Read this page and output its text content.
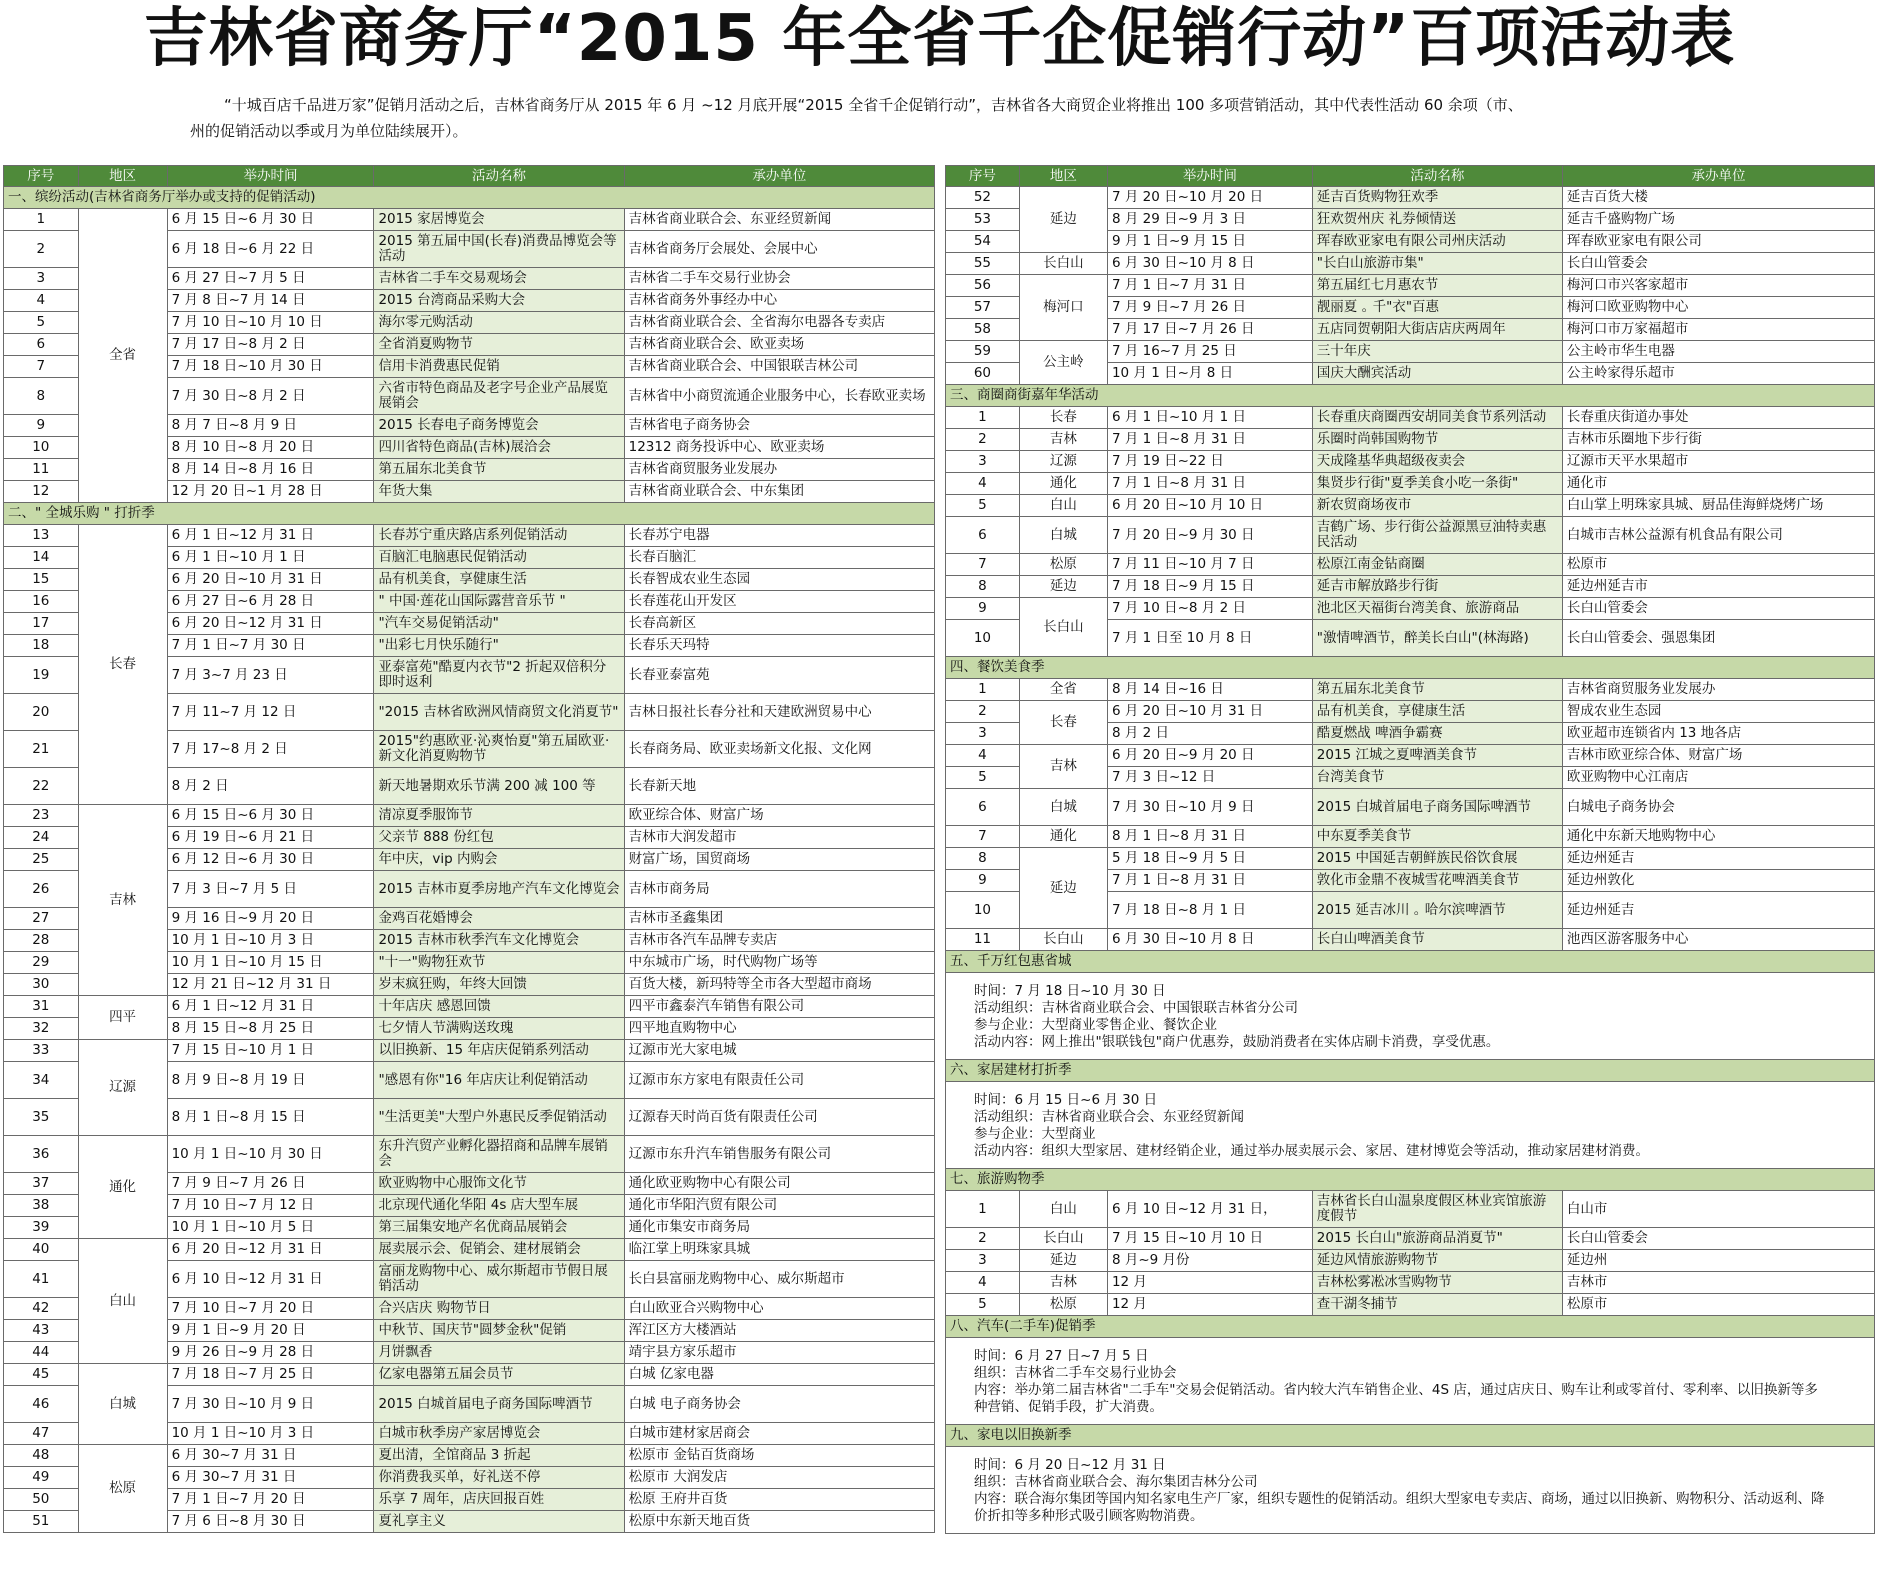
吉林省商务厅“2015 年全省千企促销行动”百项活动表
“十城百店千品进万家”促销月活动之后，吉林省商务厅从 2015 年 6 月 ~12 月底开展“2015 全省千企促销行动”，吉林省各大商贸企业将推出 100 多项营销活动，其中代表性活动 60 余项（市、
州的促销活动以季或月为单位陆续展开）。
序号	地区	举办时间	活动名称	承办单位
一、缤纷活动(吉林省商务厅举办或支持的促销活动)				
1	全省	6 月 15 日~6 月 30 日	2015 家居博览会	吉林省商业联合会、东亚经贸新闻
2		6 月 18 日~6 月 22 日	2015 第五届中国(长春)消费品博览会等活动	吉林省商务厅会展处、会展中心
3		6 月 27 日~7 月 5 日	吉林省二手车交易观场会	吉林省二手车交易行业协会
4		7 月 8 日~7 月 14 日	2015 台湾商品采购大会	吉林省商务外事经办中心
5		7 月 10 日~10 月 10 日	海尔零元购活动	吉林省商业联合会、全省海尔电器各专卖店
6		7 月 17 日~8 月 2 日	全省消夏购物节	吉林省商业联合会、欧亚卖场
7		7 月 18 日~10 月 30 日	信用卡消费惠民促销	吉林省商业联合会、中国银联吉林公司
8		7 月 30 日~8 月 2 日	六省市特色商品及老字号企业产品展览展销会	吉林省中小商贸流通企业服务中心，长春欧亚卖场
9		8 月 7 日~8 月 9 日	2015 长春电子商务博览会	吉林省电子商务协会
10		8 月 10 日~8 月 20 日	四川省特色商品(吉林)展洽会	12312 商务投诉中心、欧亚卖场
11		8 月 14 日~8 月 16 日	第五届东北美食节	吉林省商贸服务业发展办
12		12 月 20 日~1 月 28 日	年货大集	吉林省商业联合会、中东集团
二、" 全城乐购 " 打折季				
13	长春	6 月 1 日~12 月 31 日	长春苏宁重庆路店系列促销活动	长春苏宁电器
14		6 月 1 日~10 月 1 日	百脑汇电脑惠民促销活动	长春百脑汇
15		6 月 20 日~10 月 31 日	品有机美食，享健康生活	长春智成农业生态园
16		6 月 27 日~6 月 28 日	" 中国·莲花山国际露营音乐节 "	长春莲花山开发区
17		6 月 20 日~12 月 31 日	"汽车交易促销活动"	长春高新区
18		7 月 1 日~7 月 30 日	"出彩七月快乐随行"	长春乐天玛特
19		7 月 3~7 月 23 日	亚泰富苑"酷夏内衣节"2 折起双倍积分即时返利	长春亚泰富苑
20		7 月 11~7 月 12 日	"2015 吉林省欧洲风情商贸文化消夏节"	吉林日报社长春分社和天建欧洲贸易中心
21		7 月 17~8 月 2 日	2015"约惠欧亚·沁爽怡夏"第五届欧亚·新文化消夏购物节	长春商务局、欧亚卖场新文化报、文化网
22		8 月 2 日	新天地暑期欢乐节满 200 减 100 等	长春新天地
23	吉林	6 月 15 日~6 月 30 日	清凉夏季服饰节	欧亚综合体、财富广场
24		6 月 19 日~6 月 21 日	父亲节 888 份红包	吉林市大润发超市
25		6 月 12 日~6 月 30 日	年中庆，vip 内购会	财富广场，国贸商场
26		7 月 3 日~7 月 5 日	2015 吉林市夏季房地产汽车文化博览会	吉林市商务局
27		9 月 16 日~9 月 20 日	金鸡百花婚博会	吉林市圣鑫集团
28		10 月 1 日~10 月 3 日	2015 吉林市秋季汽车文化博览会	吉林市各汽车品牌专卖店
29		10 月 1 日~10 月 15 日	"十一"购物狂欢节	中东城市广场，时代购物广场等
30		12 月 21 日~12 月 31 日	岁末疯狂购，年终大回馈	百货大楼，新玛特等全市各大型超市商场
31	四平	6 月 1 日~12 月 31 日	十年店庆 感恩回馈	四平市鑫泰汽车销售有限公司
32		8 月 15 日~8 月 25 日	七夕情人节满购送玫瑰	四平地直购物中心
33	辽源	7 月 15 日~10 月 1 日	以旧换新、15 年店庆促销系列活动	辽源市光大家电城
34		8 月 9 日~8 月 19 日	"感恩有你"16 年店庆让利促销活动	辽源市东方家电有限责任公司
35		8 月 1 日~8 月 15 日	"生活更美"大型户外惠民反季促销活动	辽源春天时尚百货有限责任公司
36	通化	10 月 1 日~10 月 30 日	东升汽贸产业孵化器招商和品牌车展销会	辽源市东升汽车销售服务有限公司
37		7 月 9 日~7 月 26 日	欧亚购物中心服饰文化节	通化欧亚购物中心有限公司
38		7 月 10 日~7 月 12 日	北京现代通化华阳 4s 店大型车展	通化市华阳汽贸有限公司
39		10 月 1 日~10 月 5 日	第三届集安地产名优商品展销会	通化市集安市商务局
40	白山	6 月 20 日~12 月 31 日	展卖展示会、促销会、建材展销会	临江掌上明珠家具城
41		6 月 10 日~12 月 31 日	富丽龙购物中心、威尔斯超市节假日展销活动	长白县富丽龙购物中心、威尔斯超市
42		7 月 10 日~7 月 20 日	合兴店庆 购物节日	白山欧亚合兴购物中心
43		9 月 1 日~9 月 20 日	中秋节、国庆节"圆梦金秋"促销	浑江区方大楼酒站
44		9 月 26 日~9 月 28 日	月饼飘香	靖宇县方家乐超市
45	白城	7 月 18 日~7 月 25 日	亿家电器第五届会员节	白城 亿家电器
46		7 月 30 日~10 月 9 日	2015 白城首届电子商务国际啤酒节	白城 电子商务协会
47		10 月 1 日~10 月 3 日	白城市秋季房产家居博览会	白城市建材家居商会
48	松原	6 月 30~7 月 31 日	夏出清，全馆商品 3 折起	松原市 金钻百货商场
49		6 月 30~7 月 31 日	你消费我买单，好礼送不停	松原市 大润发店
50		7 月 1 日~7 月 20 日	乐享 7 周年，店庆回报百姓	松原 王府井百货
51		7 月 6 日~8 月 30 日	夏礼享主义	松原中东新天地百货
序号	地区	举办时间	活动名称	承办单位
52	延边	7 月 20 日~10 月 20 日	延吉百货购物狂欢季	延吉百货大楼
53		8 月 29 日~9 月 3 日	狂欢贺州庆 礼券倾情送	延吉千盛购物广场
54		9 月 1 日~9 月 15 日	珲春欧亚家电有限公司州庆活动	珲春欧亚家电有限公司
55	长白山	6 月 30 日~10 月 8 日	"长白山旅游市集"	长白山管委会
56	梅河口	7 月 1 日~7 月 31 日	第五届红七月惠农节	梅河口市兴客家超市
57		7 月 9 日~7 月 26 日	靓丽夏 ｡ 千"衣"百惠	梅河口欧亚购物中心
58		7 月 17 日~7 月 26 日	五店同贺朝阳大街店店庆两周年	梅河口市万家福超市
59	公主岭	7 月 16~7 月 25 日	三十年庆	公主岭市华生电器
60		10 月 1 日~月 8 日	国庆大酬宾活动	公主岭家得乐超市
三、商圈商街嘉年华活动				
1	长春	6 月 1 日~10 月 1 日	长春重庆商圈西安胡同美食节系列活动	长春重庆街道办事处
2	吉林	7 月 1 日~8 月 31 日	乐圈时尚韩国购物节	吉林市乐圈地下步行街
3	辽源	7 月 19 日~22 日	天成隆基华典超级夜卖会	辽源市天平水果超市
4	通化	7 月 1 日~8 月 31 日	集贤步行街"夏季美食小吃一条街"	通化市
5	白山	6 月 20 日~10 月 10 日	新农贸商场夜市	白山掌上明珠家具城、厨品佳海鲜烧烤广场
6	白城	7 月 20 日~9 月 30 日	吉鹤广场、步行街公益源黑豆油特卖惠民活动	白城市吉林公益源有机食品有限公司
7	松原	7 月 11 日~10 月 7 日	松原江南金钻商圈	松原市
8	延边	7 月 18 日~9 月 15 日	延吉市解放路步行街	延边州延吉市
9	长白山	7 月 10 日~8 月 2 日	池北区天福街台湾美食、旅游商品	长白山管委会
10		7 月 1 日至 10 月 8 日	"激情啤酒节，醉美长白山"(林海路)	长白山管委会、强恩集团
四、餐饮美食季				
1	全省	8 月 14 日~16 日	第五届东北美食节	吉林省商贸服务业发展办
2	长春	6 月 20 日~10 月 31 日	品有机美食，享健康生活	智成农业生态园
3		8 月 2 日	酷夏燃战 啤酒争霸赛	欧亚超市连锁省内 13 地各店
4	吉林	6 月 20 日~9 月 20 日	2015 江城之夏啤酒美食节	吉林市欧亚综合体、财富广场
5		7 月 3 日~12 日	台湾美食节	欧亚购物中心江南店
6	白城	7 月 30 日~10 月 9 日	2015 白城首届电子商务国际啤酒节	白城电子商务协会
7	通化	8 月 1 日~8 月 31 日	中东夏季美食节	通化中东新天地购物中心
8	延边	5 月 18 日~9 月 5 日	2015 中国延吉朝鲜族民俗饮食展	延边州延吉
9		7 月 1 日~8 月 31 日	敦化市金鼎不夜城雪花啤酒美食节	延边州敦化
10		7 月 18 日~8 月 1 日	2015 延吉冰川 ｡ 哈尔滨啤酒节	延边州延吉
11	长白山	6 月 30 日~10 月 8 日	长白山啤酒美食节	池西区游客服务中心
五、千万红包惠省城				

时间：7 月 18 日~10 月 30 日
活动组织：吉林省商业联合会、中国银联吉林省分公司
参与企业：大型商业零售企业、餐饮企业
活动内容：网上推出"银联钱包"商户优惠券，鼓励消费者在实体店刷卡消费，享受优惠。				

六、家居建材打折季				

时间：6 月 15 日~6 月 30 日
活动组织：吉林省商业联合会、东亚经贸新闻
参与企业：大型商业
活动内容：组织大型家居、建材经销企业，通过举办展卖展示会、家居、建材博览会等活动，推动家居建材消费。				

七、旅游购物季				
1	白山	6 月 10 日~12 月 31 日，	吉林省长白山温泉度假区林业宾馆旅游度假节	白山市
2	长白山	7 月 15 日~10 月 10 日	2015 长白山"旅游商品消夏节"	长白山管委会
3	延边	8 月~9 月份	延边风情旅游购物节	延边州
4	吉林	12 月	吉林松雾凇冰雪购物节	吉林市
5	松原	12 月	查干湖冬捕节	松原市
八、汽车(二手车)促销季				

时间：6 月 27 日~7 月 5 日
组织：吉林省二手车交易行业协会
内容：举办第二届吉林省"二手车"交易会促销活动。省内较大汽车销售企业、4S 店，通过店庆日、购车让利或零首付、零利率、以旧换新等多
种营销、促销手段，扩大消费。				

九、家电以旧换新季				

时间：6 月 20 日~12 月 31 日
组织：吉林省商业联合会、海尔集团吉林分公司
内容：联合海尔集团等国内知名家电生产厂家，组织专题性的促销活动。组织大型家电专卖店、商场，通过以旧换新、购物积分、活动返利、降
价折扣等多种形式吸引顾客购物消费。				
